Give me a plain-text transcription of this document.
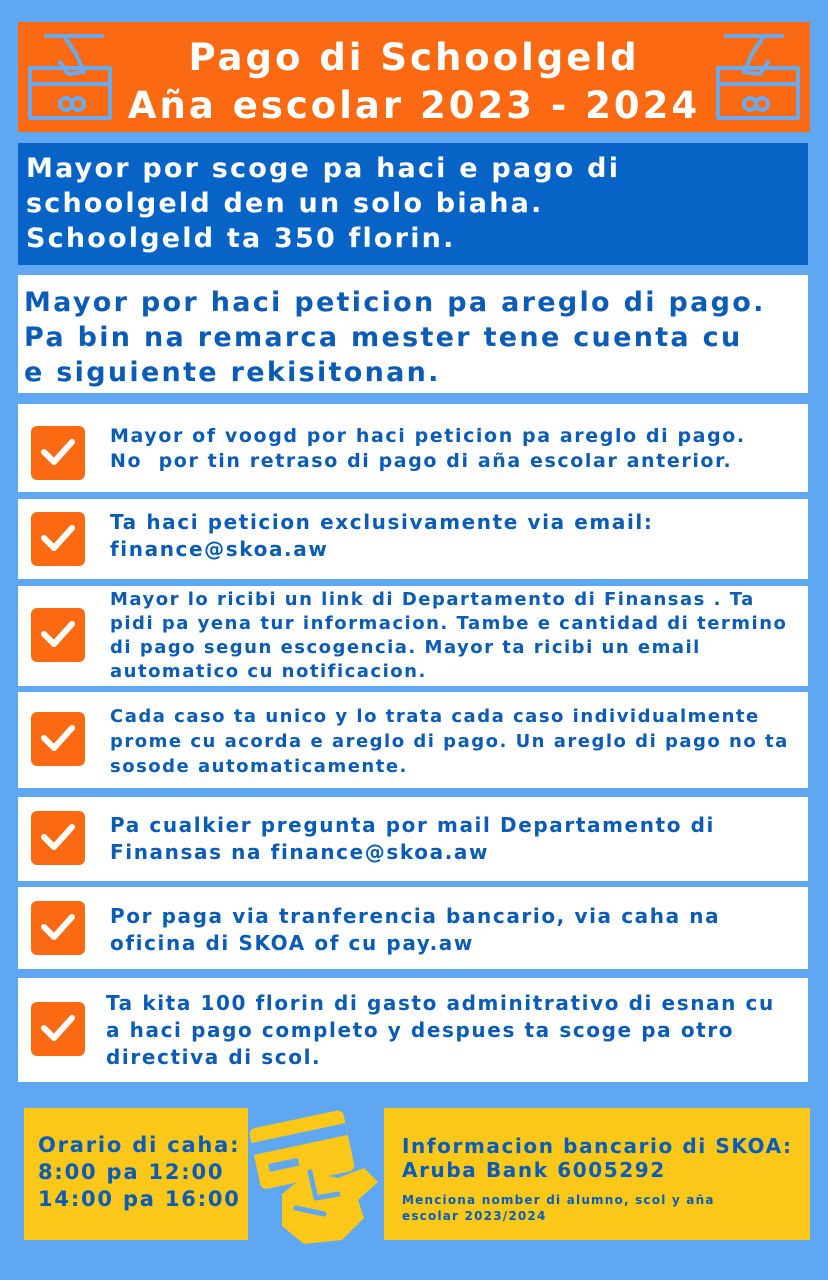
Pago di Schoolgeld
Aña escolar 2023 - 2024
Mayor por scoge pa haci e pago di
schoolgeld den un solo biaha.
Schoolgeld ta 350 florin.
Mayor por haci peticion pa areglo di pago.
Pa bin na remarca mester tene cuenta cu
e siguiente rekisitonan.
Mayor of voogd por haci peticion pa areglo di pago.
No  por tin retraso di pago di aña escolar anterior.
Ta haci peticion exclusivamente via email:
finance@skoa.aw
Mayor lo ricibi un link di Departamento di Finansas . Ta
pidi pa yena tur informacion. Tambe e cantidad di termino
di pago segun escogencia. Mayor ta ricibi un email
automatico cu notificacion.
Cada caso ta unico y lo trata cada caso individualmente
prome cu acorda e areglo di pago. Un areglo di pago no ta
sosode automaticamente.
Pa cualkier pregunta por mail Departamento di
Finansas na finance@skoa.aw
Por paga via tranferencia bancario, via caha na
oficina di SKOA of cu pay.aw
Ta kita 100 florin di gasto adminitrativo di esnan cu
a haci pago completo y despues ta scoge pa otro
directiva di scol.
Orario di caha:
8:00 pa 12:00
14:00 pa 16:00
Informacion bancario di SKOA:
Aruba Bank 6005292
Menciona nomber di alumno, scol y aña
escolar 2023/2024
